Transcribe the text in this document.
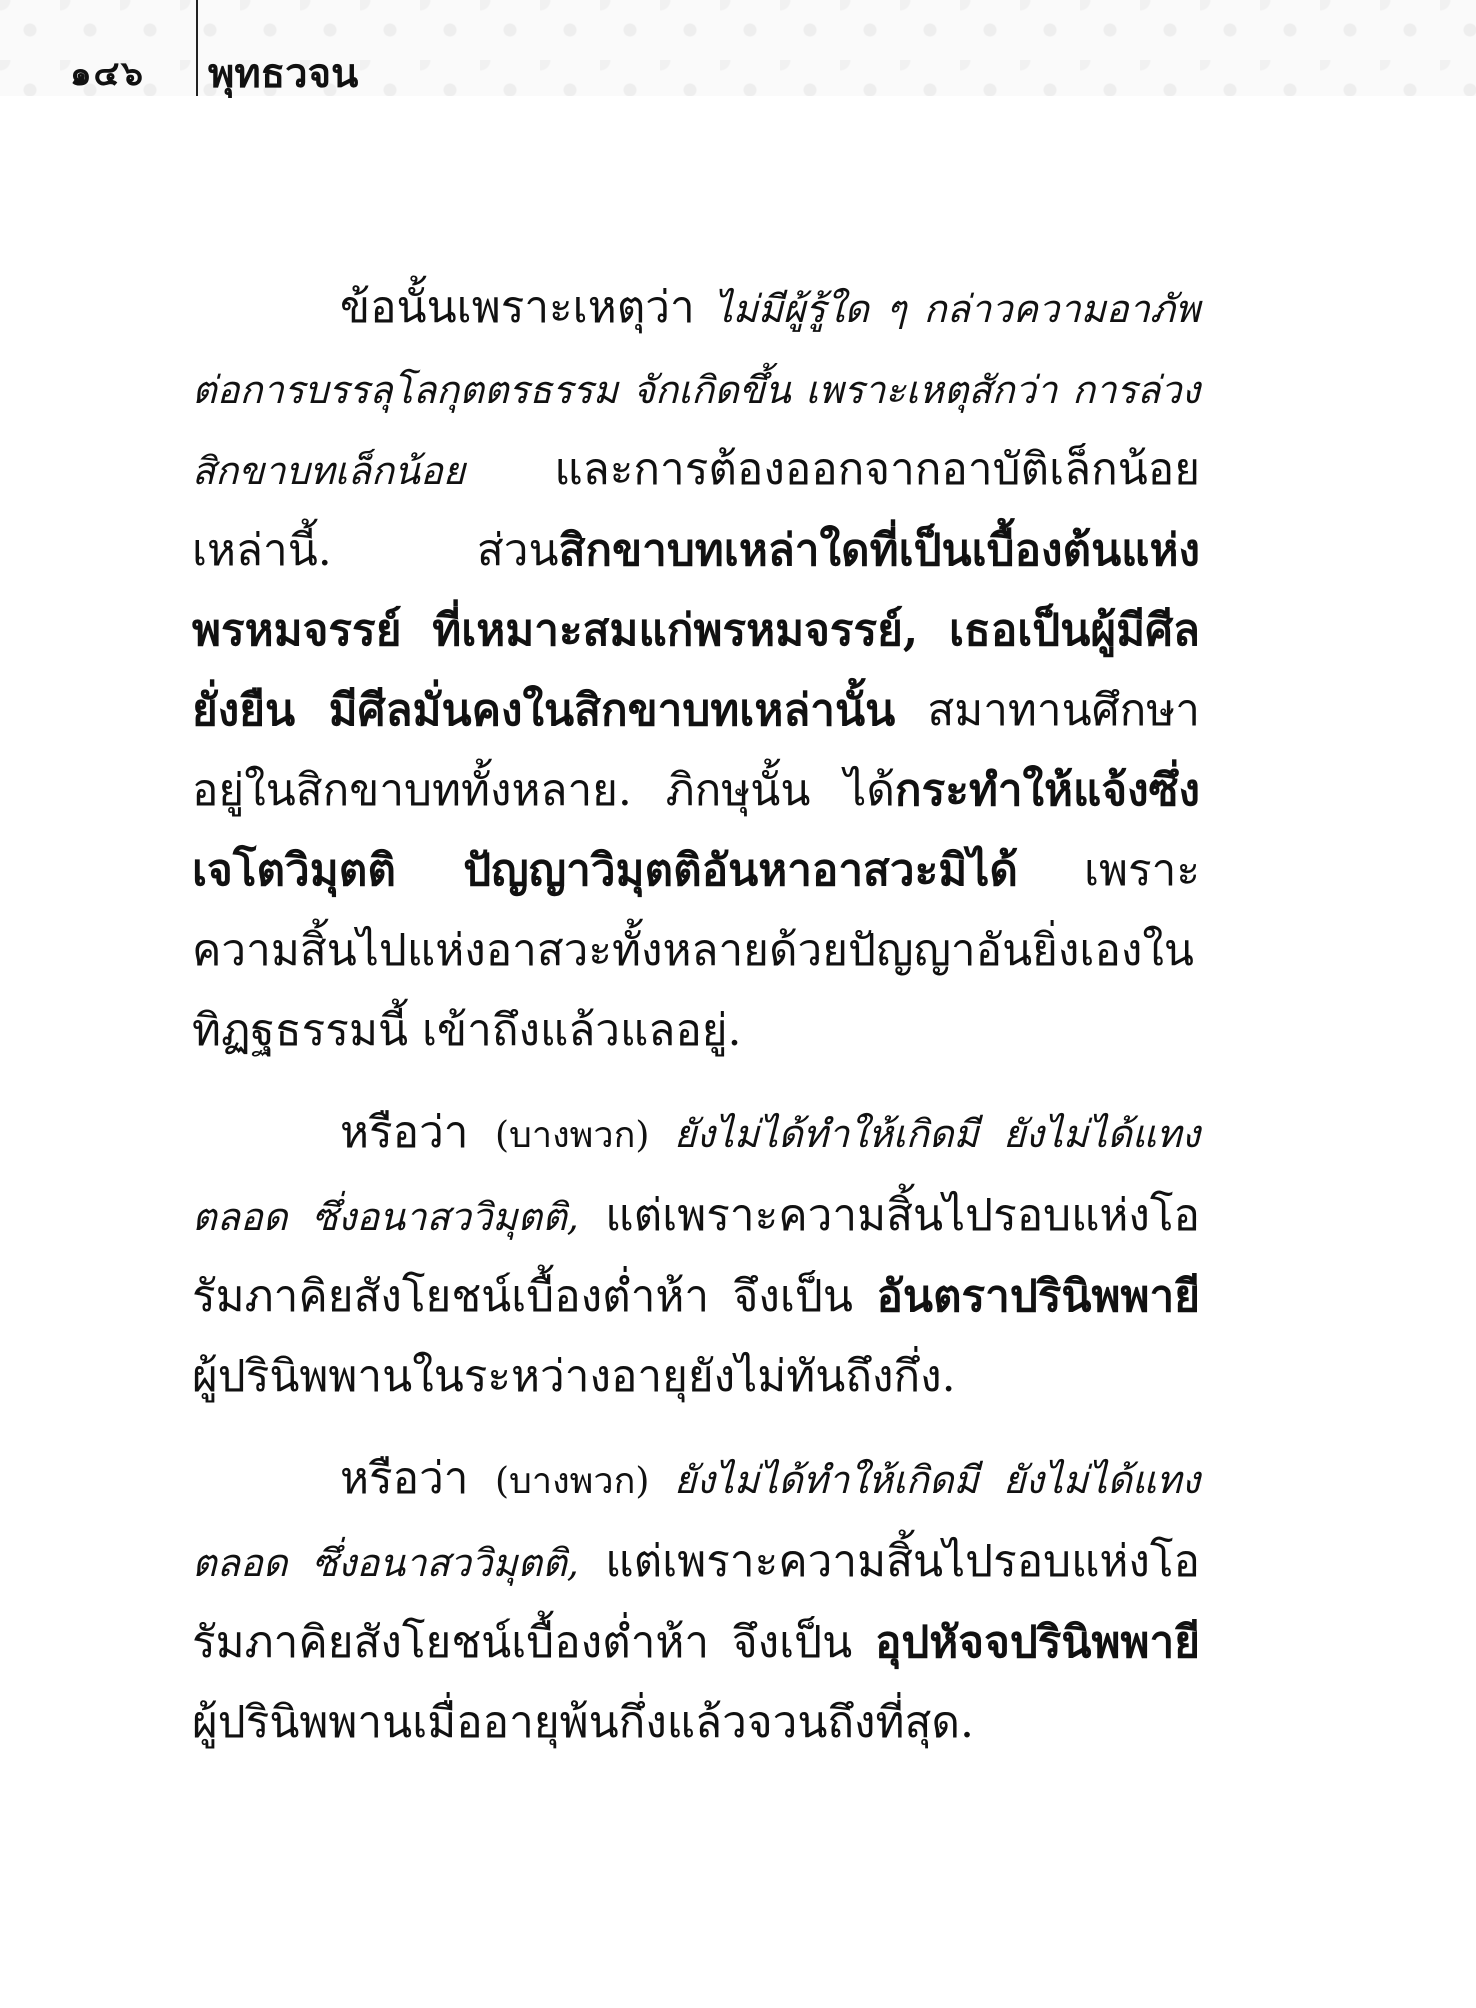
๑๔๖ พุทธวจน

ข้อนั้นเพราะเหตุว่า ไม่มีผู้รู้ใด ๆ กล่าวความอาภัพต่อการบรรลุโลกุตตรธรรม จักเกิดขึ้น เพราะเหตุสักว่า การล่วงสิกขาบทเล็กน้อย และการต้องออกจากอาบัติเล็กน้อยเหล่านี้. ส่วนสิกขาบทเหล่าใดที่เป็นเบื้องต้นแห่งพรหมจรรย์ ที่เหมาะสมแก่พรหมจรรย์, เธอเป็นผู้มีศีลยั่งยืน มีศีลมั่นคงในสิกขาบทเหล่านั้น สมาทานศึกษาอยู่ในสิกขาบททั้งหลาย. ภิกษุนั้น ได้กระทำให้แจ้งซึ่งเจโตวิมุตติ ปัญญาวิมุตติอันหาอาสวะมิได้ เพราะความสิ้นไปแห่งอาสวะทั้งหลายด้วยปัญญาอันยิ่งเองในทิฏฐธรรมนี้ เข้าถึงแล้วแลอยู่.

หรือว่า (บางพวก) ยังไม่ได้ทำให้เกิดมี ยังไม่ได้แทงตลอด ซึ่งอนาสววิมุตติ, แต่เพราะความสิ้นไปรอบแห่งโอรัมภาคิยสังโยชน์เบื้องต่ำห้า จึงเป็น อันตราปรินิพพายี ผู้ปรินิพพานในระหว่างอายุยังไม่ทันถึงกึ่ง.

หรือว่า (บางพวก) ยังไม่ได้ทำให้เกิดมี ยังไม่ได้แทงตลอด ซึ่งอนาสววิมุตติ, แต่เพราะความสิ้นไปรอบแห่งโอรัมภาคิยสังโยชน์เบื้องต่ำห้า จึงเป็น อุปหัจจปรินิพพายี ผู้ปรินิพพานเมื่ออายุพ้นกึ่งแล้วจวนถึงที่สุด.
